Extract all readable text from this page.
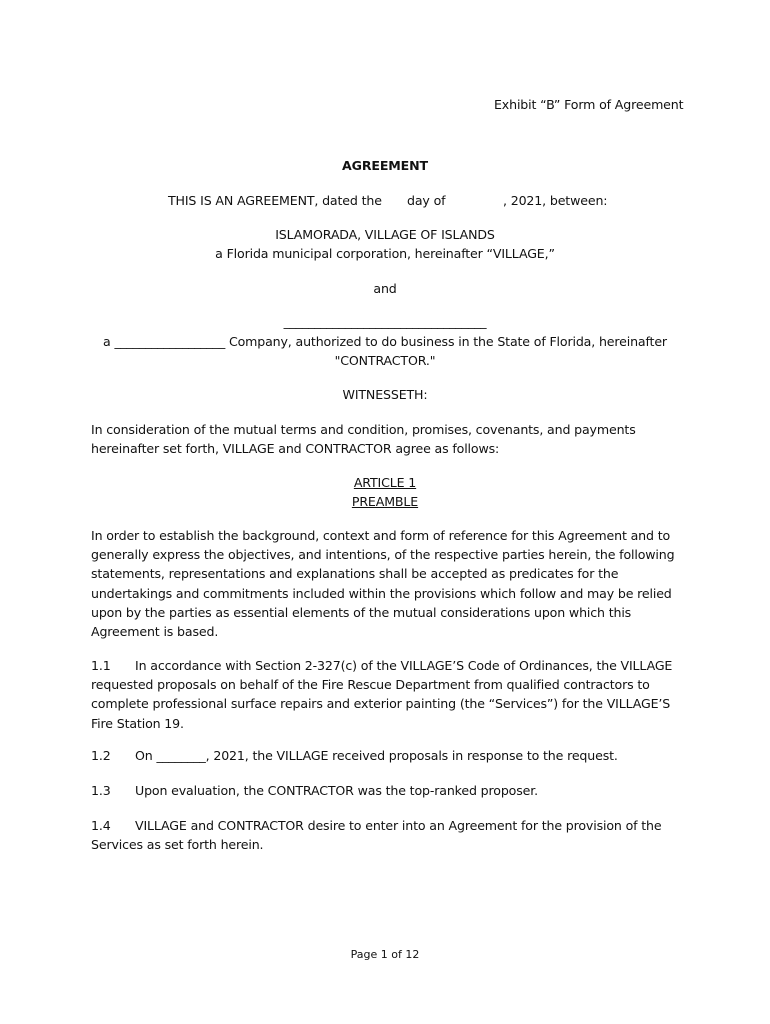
Exhibit “B” Form of Agreement

AGREEMENT

THIS IS AN AGREEMENT, dated the day of	, 2021, between:

ISLAMORADA, VILLAGE OF ISLANDS

a Florida municipal corporation, hereinafter “VILLAGE,”

and

_________________________________

a __________________ Company, authorized to do business in the State of Florida, hereinafter

"CONTRACTOR."

WITNESSETH:

In consideration of the mutual terms and condition, promises, covenants, and payments hereinafter set forth, VILLAGE and CONTRACTOR agree as follows:

ARTICLE 1

PREAMBLE

In order to establish the background, context and form of reference for this Agreement and to generally express the objectives, and intentions, of the respective parties herein, the following statements, representations and explanations shall be accepted as predicates for the undertakings and commitments included within the provisions which follow and may be relied upon by the parties as essential elements of the mutual considerations upon which this Agreement is based.

1.1 In accordance with Section 2-327(c) of the VILLAGE’S Code of Ordinances, the VILLAGE requested proposals on behalf of the Fire Rescue Department from qualified contractors to complete professional surface repairs and exterior painting (the “Services”) for the VILLAGE’S Fire Station 19.

1.2 On ________, 2021, the VILLAGE received proposals in response to the request.

1.3 Upon evaluation, the CONTRACTOR was the top-ranked proposer.

1.4 VILLAGE and CONTRACTOR desire to enter into an Agreement for the provision of the Services as set forth herein.

Page 1 of 12
